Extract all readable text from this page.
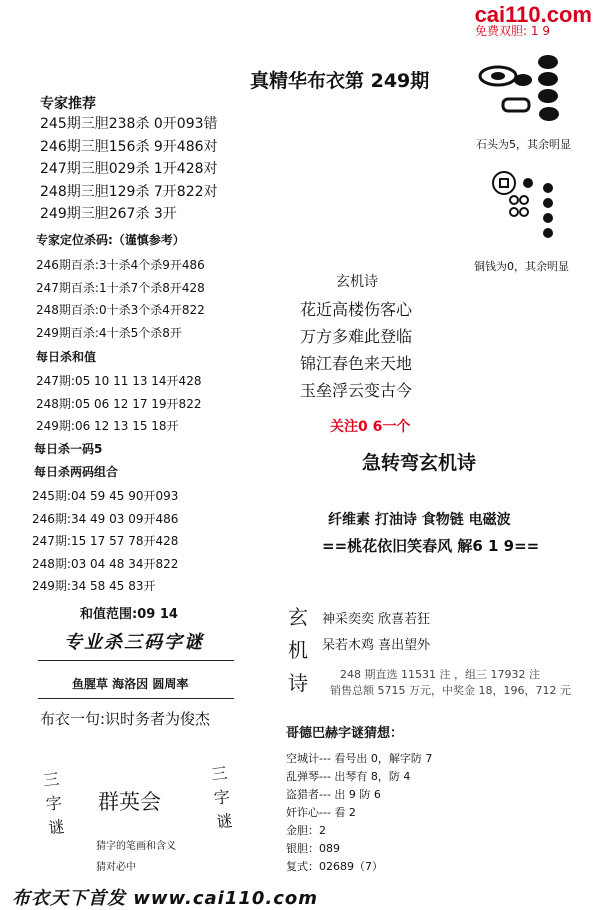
cai110.com
免费双胆: 1 9
真精华布衣第 249期
专家推荐
245期三胆238杀 0开093错
246期三胆156杀 9开486对
247期三胆029杀 1开428对
248期三胆129杀 7开822对
249期三胆267杀 3开
专家定位杀码:（谨慎参考）
246期百杀:3十杀4个杀9开486
247期百杀:1十杀7个杀8开428
248期百杀:0十杀3个杀4开822
249期百杀:4十杀5个杀8开
每日杀和值
247期:05 10 11 13 14开428
248期:05 06 12 17 19开822
249期:06 12 13 15 18开
每日杀一码5
每日杀两码组合
245期:04 59 45 90开093
246期:34 49 03 09开486
247期:15 17 57 78开428
248期:03 04 48 34开822
249期:34 58 45 83开
和值范围:09 14
专业杀三码字谜
鱼腥草 海洛因 圆周率
布衣一句:识时务者为俊杰
三字谜
群英会
三字谜
猜字的笔画和含义
猜对必中
石头为5，其余明显
铜钱为0，其余明显
玄机诗
花近高楼伤客心
万方多难此登临
锦江春色来天地
玉垒浮云变古今
关注0 6一个
急转弯玄机诗
纤维素 打油诗 食物链 电磁波
==桃花依旧笑春风 解6 1 9==
玄机诗
神采奕奕 欣喜若狂
呆若木鸡 喜出望外
248 期直选 11531 注 ，组三 17932 注
销售总额 5715 万元，中奖金 18，196，712 元
哥德巴赫字谜猜想：
空城计--- 看号出 0，解字防 7
乱弹琴--- 出琴有 8，防 4
盗猎者--- 出 9 防 6
奸诈心--- 看 2
金胆：2
银胆：089
复式：02689（7）
布衣天下首发 www.cai110.com
